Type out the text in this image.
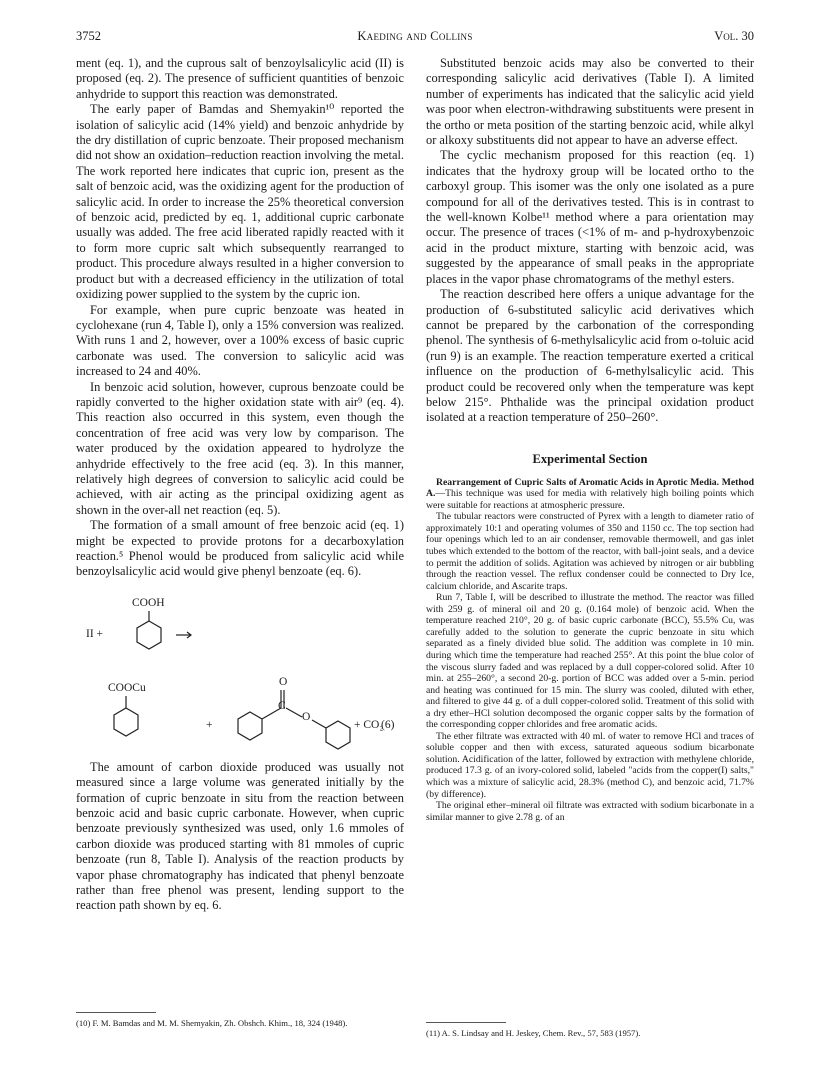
3752	Kaeding and Collins	Vol. 30

ment (eq. 1), and the cuprous salt of benzoylsalicylic acid (II) is proposed (eq. 2). The presence of sufficient quantities of benzoic anhydride to support this reaction was demonstrated.

The early paper of Bamdas and Shemyakin¹⁰ reported the isolation of salicylic acid (14% yield) and benzoic anhydride by the dry distillation of cupric benzoate. Their proposed mechanism did not show an oxidation–reduction reaction involving the metal. The work reported here indicates that cupric ion, present as the salt of benzoic acid, was the oxidizing agent for the production of salicylic acid. In order to increase the 25% theoretical conversion of benzoic acid, predicted by eq. 1, additional cupric carbonate usually was added. The free acid liberated rapidly reacted with it to form more cupric salt which subsequently rearranged to product. This procedure always resulted in a higher conversion to product but with a decreased efficiency in the utilization of total oxidizing power supplied to the system by the cupric ion.

For example, when pure cupric benzoate was heated in cyclohexane (run 4, Table I), only a 15% conversion was realized. With runs 1 and 2, however, over a 100% excess of basic cupric carbonate was used. The conversion to salicylic acid was increased to 24 and 40%.

In benzoic acid solution, however, cuprous benzoate could be rapidly converted to the higher oxidation state with air⁹ (eq. 4). This reaction also occurred in this system, even though the concentration of free acid was very low by comparison. The water produced by the oxidation appeared to hydrolyze the anhydride effectively to the free acid (eq. 3). In this manner, relatively high degrees of conversion to salicylic acid could be achieved, with air acting as the principal oxidizing agent as shown in the over-all net reaction (eq. 5).

The formation of a small amount of free benzoic acid (eq. 1) might be expected to provide protons for a decarboxylation reaction.⁵ Phenol would be produced from salicylic acid while benzoylsalicylic acid would give phenyl benzoate (eq. 6).

COOH
II +
COOCu
+
O
C
O
+ CO₂
(6)

The amount of carbon dioxide produced was usually not measured since a large volume was generated initially by the formation of cupric benzoate in situ from the reaction between benzoic acid and basic cupric carbonate. However, when cupric benzoate previously synthesized was used, only 1.6 mmoles of carbon dioxide was produced starting with 81 mmoles of cupric benzoate (run 8, Table I). Analysis of the reaction products by vapor phase chromatography has indicated that phenyl benzoate rather than free phenol was present, lending support to the reaction path shown by eq. 6.

(10) F. M. Bamdas and M. M. Shemyakin, Zh. Obshch. Khim., 18, 324 (1948).

Substituted benzoic acids may also be converted to their corresponding salicylic acid derivatives (Table I). A limited number of experiments has indicated that the salicylic acid yield was poor when electron-withdrawing substituents were present in the ortho or meta position of the starting benzoic acid, while alkyl or alkoxy substituents did not appear to have an adverse effect.

The cyclic mechanism proposed for this reaction (eq. 1) indicates that the hydroxy group will be located ortho to the carboxyl group. This isomer was the only one isolated as a pure compound for all of the derivatives tested. This is in contrast to the well-known Kolbe¹¹ method where a para orientation may occur. The presence of traces (<1% of m- and p-hydroxybenzoic acid in the product mixture, starting with benzoic acid, was suggested by the appearance of small peaks in the appropriate places in the vapor phase chromatograms of the methyl esters.

The reaction described here offers a unique advantage for the production of 6-substituted salicylic acid derivatives which cannot be prepared by the carbonation of the corresponding phenol. The synthesis of 6-methylsalicylic acid from o-toluic acid (run 9) is an example. The reaction temperature exerted a critical influence on the production of 6-methylsalicylic acid. This product could be recovered only when the temperature was kept below 215°. Phthalide was the principal oxidation product isolated at a reaction temperature of 250–260°.

Experimental Section

Rearrangement of Cupric Salts of Aromatic Acids in Aprotic Media. Method A.—This technique was used for media with relatively high boiling points which were suitable for reactions at atmospheric pressure.

The tubular reactors were constructed of Pyrex with a length to diameter ratio of approximately 10:1 and operating volumes of 350 and 1150 cc. The top section had four openings which led to an air condenser, removable thermowell, and gas inlet tubes which extended to the bottom of the reactor, with ball-joint seals, and a device to permit the addition of solids. Agitation was achieved by nitrogen or air bubbling through the reaction vessel. The reflux condenser could be connected to Dry Ice, calcium chloride, and Ascarite traps.

Run 7, Table I, will be described to illustrate the method. The reactor was filled with 259 g. of mineral oil and 20 g. (0.164 mole) of benzoic acid. When the temperature reached 210°, 20 g. of basic cupric carbonate (BCC), 55.5% Cu, was carefully added to the solution to generate the cupric benzoate in situ which separated as a finely divided blue solid. The addition was complete in 10 min. during which time the temperature had reached 255°. At this point the blue color of the viscous slurry faded and was replaced by a dull copper-colored solid. After 10 min. at 255–260°, a second 20-g. portion of BCC was added over a 5-min. period and heating was continued for 15 min. The slurry was cooled, diluted with ether, and filtered to give 44 g. of a dull copper-colored solid. Treatment of this solid with a dry ether–HCl solution decomposed the organic copper salts by the formation of the corresponding copper chlorides and free aromatic acids.

The ether filtrate was extracted with 40 ml. of water to remove HCl and traces of soluble copper and then with excess, saturated aqueous sodium bicarbonate solution. Acidification of the latter, followed by extraction with methylene chloride, produced 17.3 g. of an ivory-colored solid, labeled "acids from the copper(I) salts," which was a mixture of salicylic acid, 28.3% (method C), and benzoic acid, 71.7% (by difference).

The original ether–mineral oil filtrate was extracted with sodium bicarbonate in a similar manner to give 2.78 g. of an

(11) A. S. Lindsay and H. Jeskey, Chem. Rev., 57, 583 (1957).
